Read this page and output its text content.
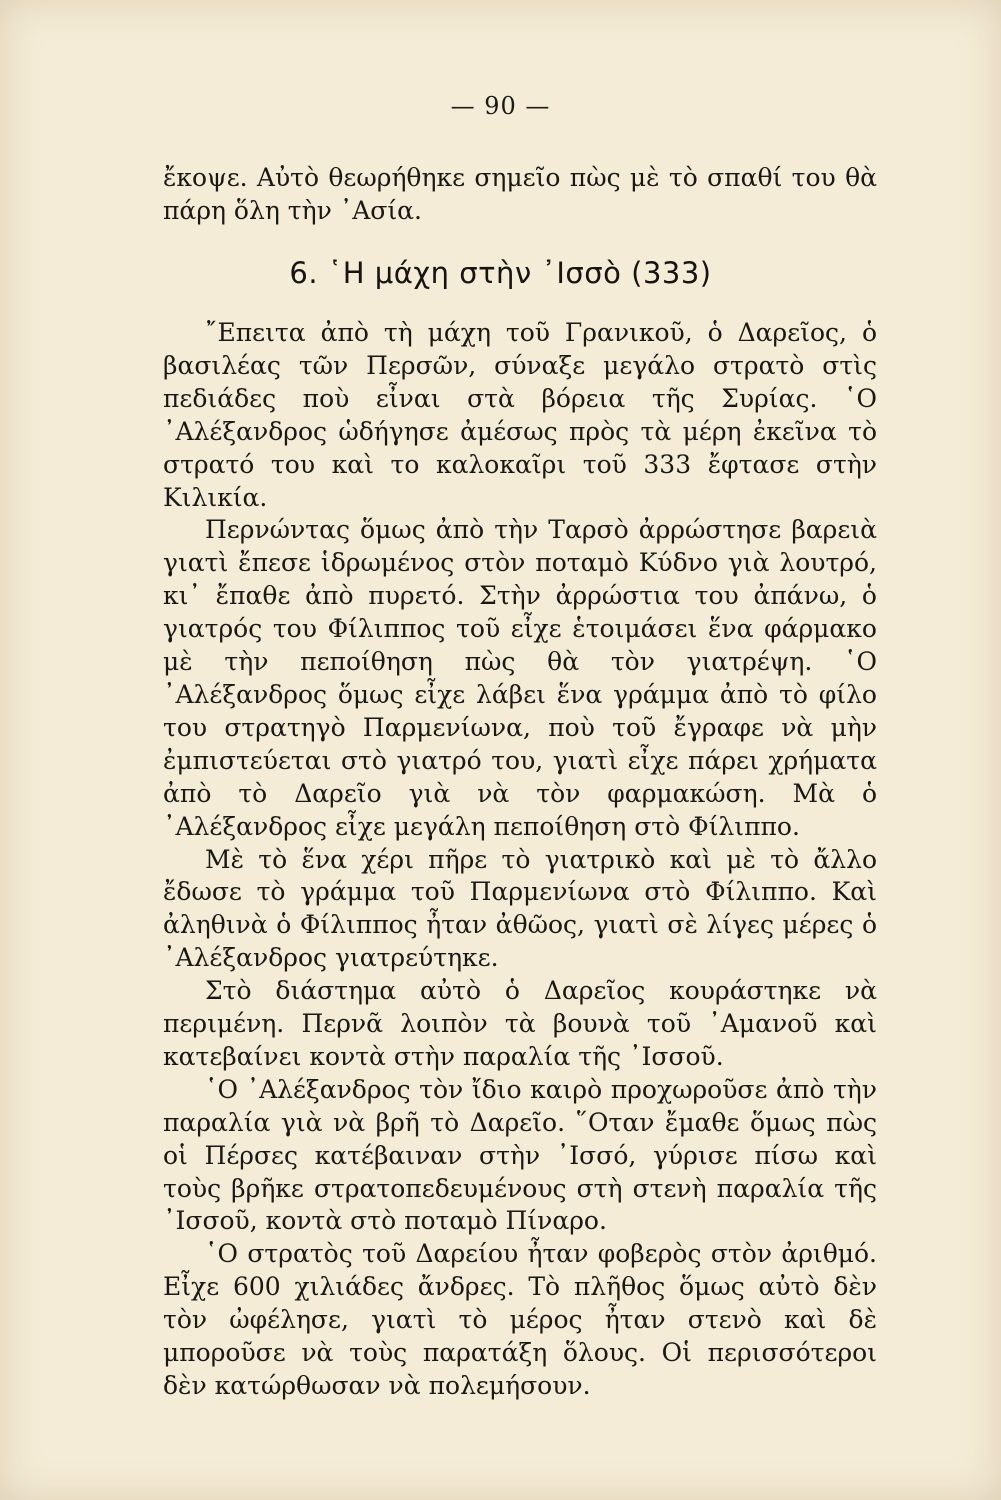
— 90 —

ἔκοψε. Αὐτὸ θεωρήθηκε σημεῖο πὼς μὲ τὸ σπαθί του θὰ πάρη ὅλη τὴν ᾿Ασία.

6. ῾Η μάχη στὴν ᾿Ισσὸ (333)

῎Επειτα ἀπὸ τὴ μάχη τοῦ Γρανικοῦ, ὁ Δαρεῖος, ὁ βασιλέας τῶν Περσῶν, σύναξε μεγάλο στρατὸ στὶς πεδιάδες ποὺ εἶναι στὰ βόρεια τῆς Συρίας. ῾Ο ᾿Αλέξανδρος ὡδήγησε ἀμέσως πρὸς τὰ μέρη ἐκεῖνα τὸ στρατό του καὶ το καλοκαῖρι τοῦ 333 ἔφτασε στὴν Κιλικία.

Περνώντας ὅμως ἀπὸ τὴν Ταρσὸ ἀρρώστησε βαρειὰ γιατὶ ἔπεσε ἱδρωμένος στὸν ποταμὸ Κύδνο γιὰ λουτρό, κι᾿ ἔπαθε ἀπὸ πυρετό. Στὴν ἀρρώστια του ἀπάνω, ὁ γιατρός του Φίλιππος τοῦ εἶχε ἑτοιμάσει ἕνα φάρμακο μὲ τὴν πεποίθηση πὼς θὰ τὸν γιατρέψη. ῾Ο ᾿Αλέξανδρος ὅμως εἶχε λάβει ἕνα γράμμα ἀπὸ τὸ φίλο του στρατηγὸ Παρμενίωνα, ποὺ τοῦ ἔγραφε νὰ μὴν ἐμπιστεύεται στὸ γιατρό του, γιατὶ εἶχε πάρει χρήματα ἀπὸ τὸ Δαρεῖο γιὰ νὰ τὸν φαρμακώση. Μὰ ὁ ᾿Αλέξανδρος εἶχε μεγάλη πεποίθηση στὸ Φίλιππο.

Μὲ τὸ ἕνα χέρι πῆρε τὸ γιατρικὸ καὶ μὲ τὸ ἄλλο ἔδωσε τὸ γράμμα τοῦ Παρμενίωνα στὸ Φίλιππο. Καὶ ἀληθινὰ ὁ Φίλιππος ἦταν ἀθῶος, γιατὶ σὲ λίγες μέρες ὁ ᾿Αλέξανδρος γιατρεύτηκε.

Στὸ διάστημα αὐτὸ ὁ Δαρεῖος κουράστηκε νὰ περιμένη. Περνᾶ λοιπὸν τὰ βουνὰ τοῦ ᾿Αμανοῦ καὶ κατεβαίνει κοντὰ στὴν παραλία τῆς ᾿Ισσοῦ.

῾Ο ᾿Αλέξανδρος τὸν ἴδιο καιρὸ προχωροῦσε ἀπὸ τὴν παραλία γιὰ νὰ βρῆ τὸ Δαρεῖο. ῞Οταν ἔμαθε ὅμως πὼς οἱ Πέρσες κατέβαιναν στὴν ᾿Ισσό, γύρισε πίσω καὶ τοὺς βρῆκε στρατοπεδευμένους στὴ στενὴ παραλία τῆς ᾿Ισσοῦ, κοντὰ στὸ ποταμὸ Πίναρο.

῾Ο στρατὸς τοῦ Δαρείου ἦταν φοβερὸς στὸν ἀριθμό. Εἶχε 600 χιλιάδες ἄνδρες. Τὸ πλῆθος ὅμως αὐτὸ δὲν τὸν ὠφέλησε, γιατὶ τὸ μέρος ἦταν στενὸ καὶ δὲ μποροῦσε νὰ τοὺς παρατάξη ὅλους. Οἱ περισσότεροι δὲν κατώρθωσαν νὰ πολεμήσουν.
